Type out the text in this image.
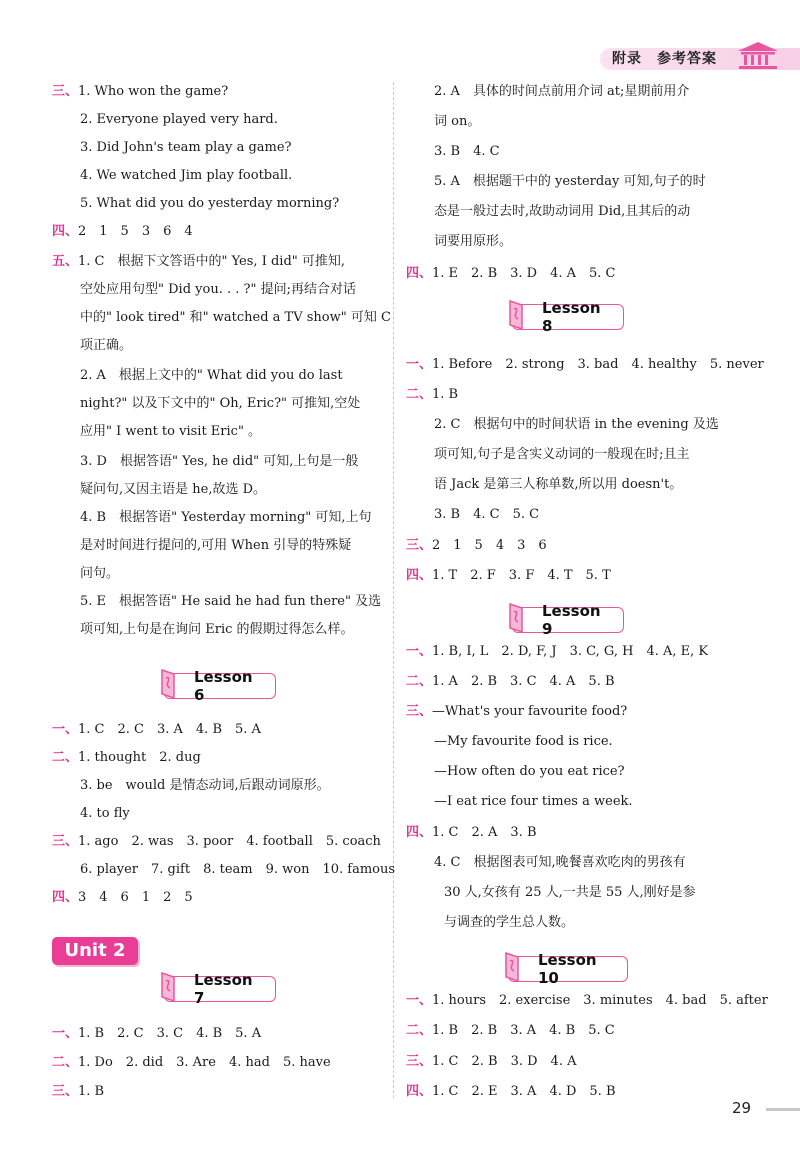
附录　参考答案
三、1. Who won the game?
2. Everyone played very hard.
3. Did John's team play a game?
4. We watched Jim play football.
5. What did you do yesterday morning?
四、2　1　5　3　6　4
五、1. C　根据下文答语中的" Yes, I did" 可推知,
空处应用句型" Did you. . . ?" 提问;再结合对话
中的" look tired" 和" watched a TV show" 可知 C
项正确。
2. A　根据上文中的" What did you do last
night?" 以及下文中的" Oh, Eric?" 可推知,空处
应用" I went to visit Eric" 。
3. D　根据答语" Yes, he did" 可知,上句是一般
疑问句,又因主语是 he,故选 D。
4. B　根据答语" Yesterday morning" 可知,上句
是对时间进行提问的,可用 When 引导的特殊疑
问句。
5. E　根据答语" He said he had fun there" 及选
项可知,上句是在询问 Eric 的假期过得怎么样。
Lesson 6
一、1. C　2. C　3. A　4. B　5. A
二、1. thought　2. dug
3. be　would 是情态动词,后跟动词原形。
4. to fly
三、1. ago　2. was　3. poor　4. football　5. coach
6. player　7. gift　8. team　9. won　10. famous
四、3　4　6　1　2　5
Lesson 7
一、1. B　2. C　3. C　4. B　5. A
二、1. Do　2. did　3. Are　4. had　5. have
三、1. B
Unit 2
2. A　具体的时间点前用介词 at;星期前用介
词 on。
3. B　4. C
5. A　根据题干中的 yesterday 可知,句子的时
态是一般过去时,故助动词用 Did,且其后的动
词要用原形。
四、1. E　2. B　3. D　4. A　5. C
Lesson 8
一、1. Before　2. strong　3. bad　4. healthy　5. never
二、1. B
2. C　根据句中的时间状语 in the evening 及选
项可知,句子是含实义动词的一般现在时;且主
语 Jack 是第三人称单数,所以用 doesn't。
3. B　4. C　5. C
三、2　1　5　4　3　6
四、1. T　2. F　3. F　4. T　5. T
Lesson 9
一、1. B, I, L　2. D, F, J　3. C, G, H　4. A, E, K
二、1. A　2. B　3. C　4. A　5. B
三、—What's your favourite food?
—My favourite food is rice.
—How often do you eat rice?
—I eat rice four times a week.
四、1. C　2. A　3. B
4. C　根据图表可知,晚餐喜欢吃肉的男孩有
30 人,女孩有 25 人,一共是 55 人,刚好是参
与调查的学生总人数。
Lesson 10
一、1. hours　2. exercise　3. minutes　4. bad　5. after
二、1. B　2. B　3. A　4. B　5. C
三、1. C　2. B　3. D　4. A
四、1. C　2. E　3. A　4. D　5. B
29
